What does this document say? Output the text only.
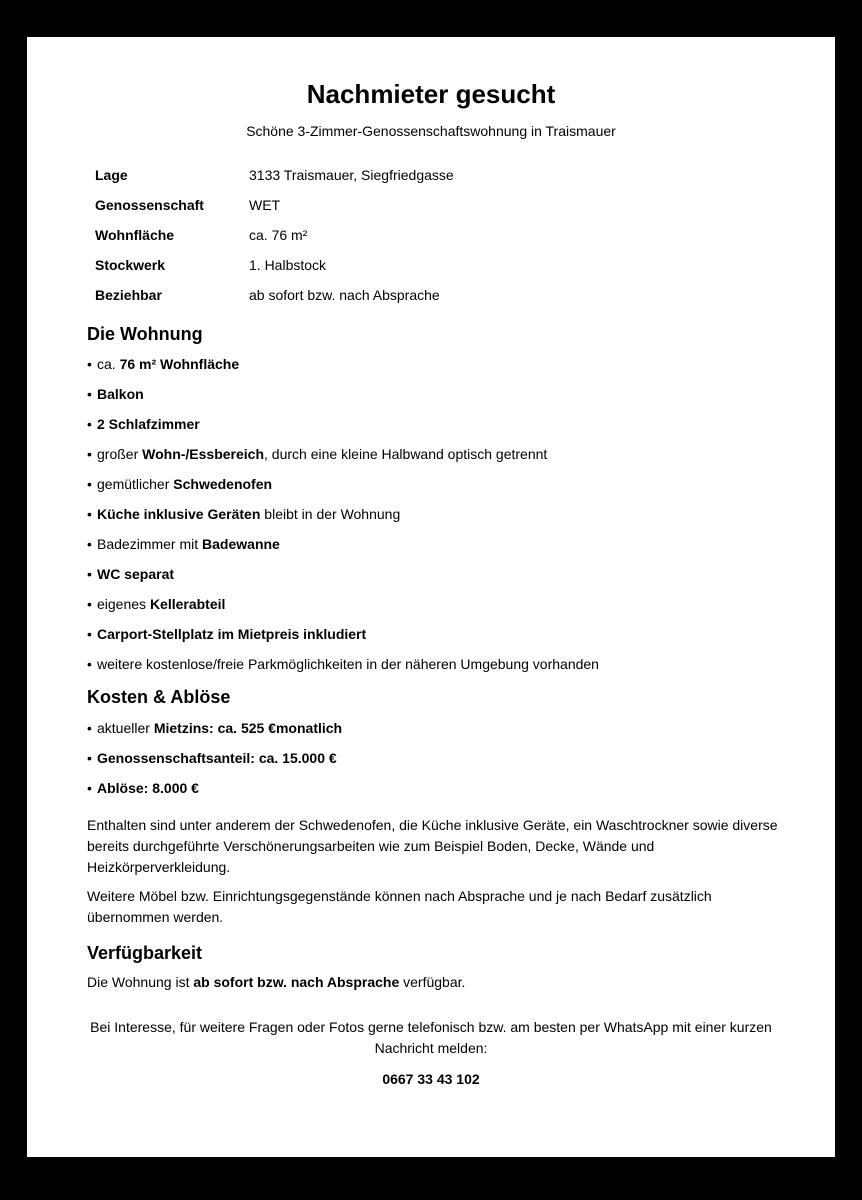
Nachmieter gesucht
Schöne 3-Zimmer-Genossenschaftswohnung in Traismauer
Lage	3133 Traismauer, Siegfriedgasse
Genossenschaft	WET
Wohnfläche	ca. 76 m²
Stockwerk	1. Halbstock
Beziehbar	ab sofort bzw. nach Absprache
Die Wohnung
• ca. 76 m² Wohnfläche
• Balkon
• 2 Schlafzimmer
• großer Wohn-/Essbereich, durch eine kleine Halbwand optisch getrennt
• gemütlicher Schwedenofen
• Küche inklusive Geräten bleibt in der Wohnung
• Badezimmer mit Badewanne
• WC separat
• eigenes Kellerabteil
• Carport-Stellplatz im Mietpreis inkludiert
• weitere kostenlose/freie Parkmöglichkeiten in der näheren Umgebung vorhanden
Kosten & Ablöse
• aktueller Mietzins: ca. 525 €monatlich
• Genossenschaftsanteil: ca. 15.000 €
• Ablöse: 8.000 €
Enthalten sind unter anderem der Schwedenofen, die Küche inklusive Geräte, ein Waschtrockner sowie diverse bereits durchgeführte Verschönerungsarbeiten wie zum Beispiel Boden, Decke, Wände und Heizkörperverkleidung.
Weitere Möbel bzw. Einrichtungsgegenstände können nach Absprache und je nach Bedarf zusätzlich übernommen werden.
Verfügbarkeit
Die Wohnung ist ab sofort bzw. nach Absprache verfügbar.
Bei Interesse, für weitere Fragen oder Fotos gerne telefonisch bzw. am besten per WhatsApp mit einer kurzen Nachricht melden:
0667 33 43 102
